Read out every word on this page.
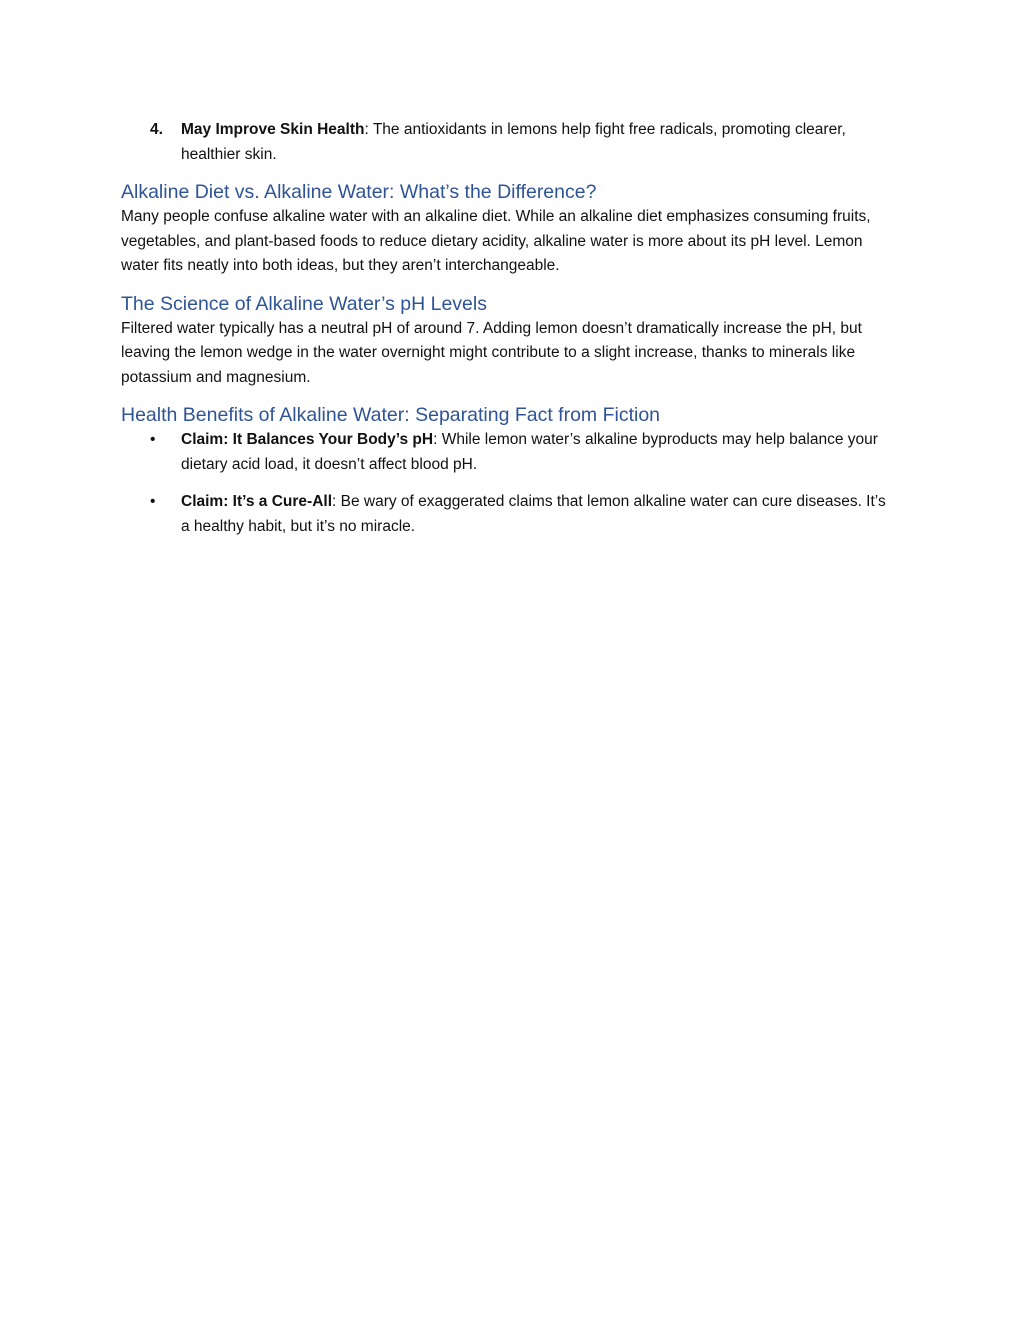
4. May Improve Skin Health: The antioxidants in lemons help fight free radicals, promoting clearer, healthier skin.

Alkaline Diet vs. Alkaline Water: What’s the Difference?

Many people confuse alkaline water with an alkaline diet. While an alkaline diet emphasizes consuming fruits, vegetables, and plant-based foods to reduce dietary acidity, alkaline water is more about its pH level. Lemon water fits neatly into both ideas, but they aren’t interchangeable.

The Science of Alkaline Water’s pH Levels

Filtered water typically has a neutral pH of around 7. Adding lemon doesn’t dramatically increase the pH, but leaving the lemon wedge in the water overnight might contribute to a slight increase, thanks to minerals like potassium and magnesium.

Health Benefits of Alkaline Water: Separating Fact from Fiction
• Claim: It Balances Your Body’s pH: While lemon water’s alkaline byproducts may help balance your dietary acid load, it doesn’t affect blood pH.
• Claim: It’s a Cure-All: Be wary of exaggerated claims that lemon alkaline water can cure diseases. It’s a healthy habit, but it’s no miracle.
